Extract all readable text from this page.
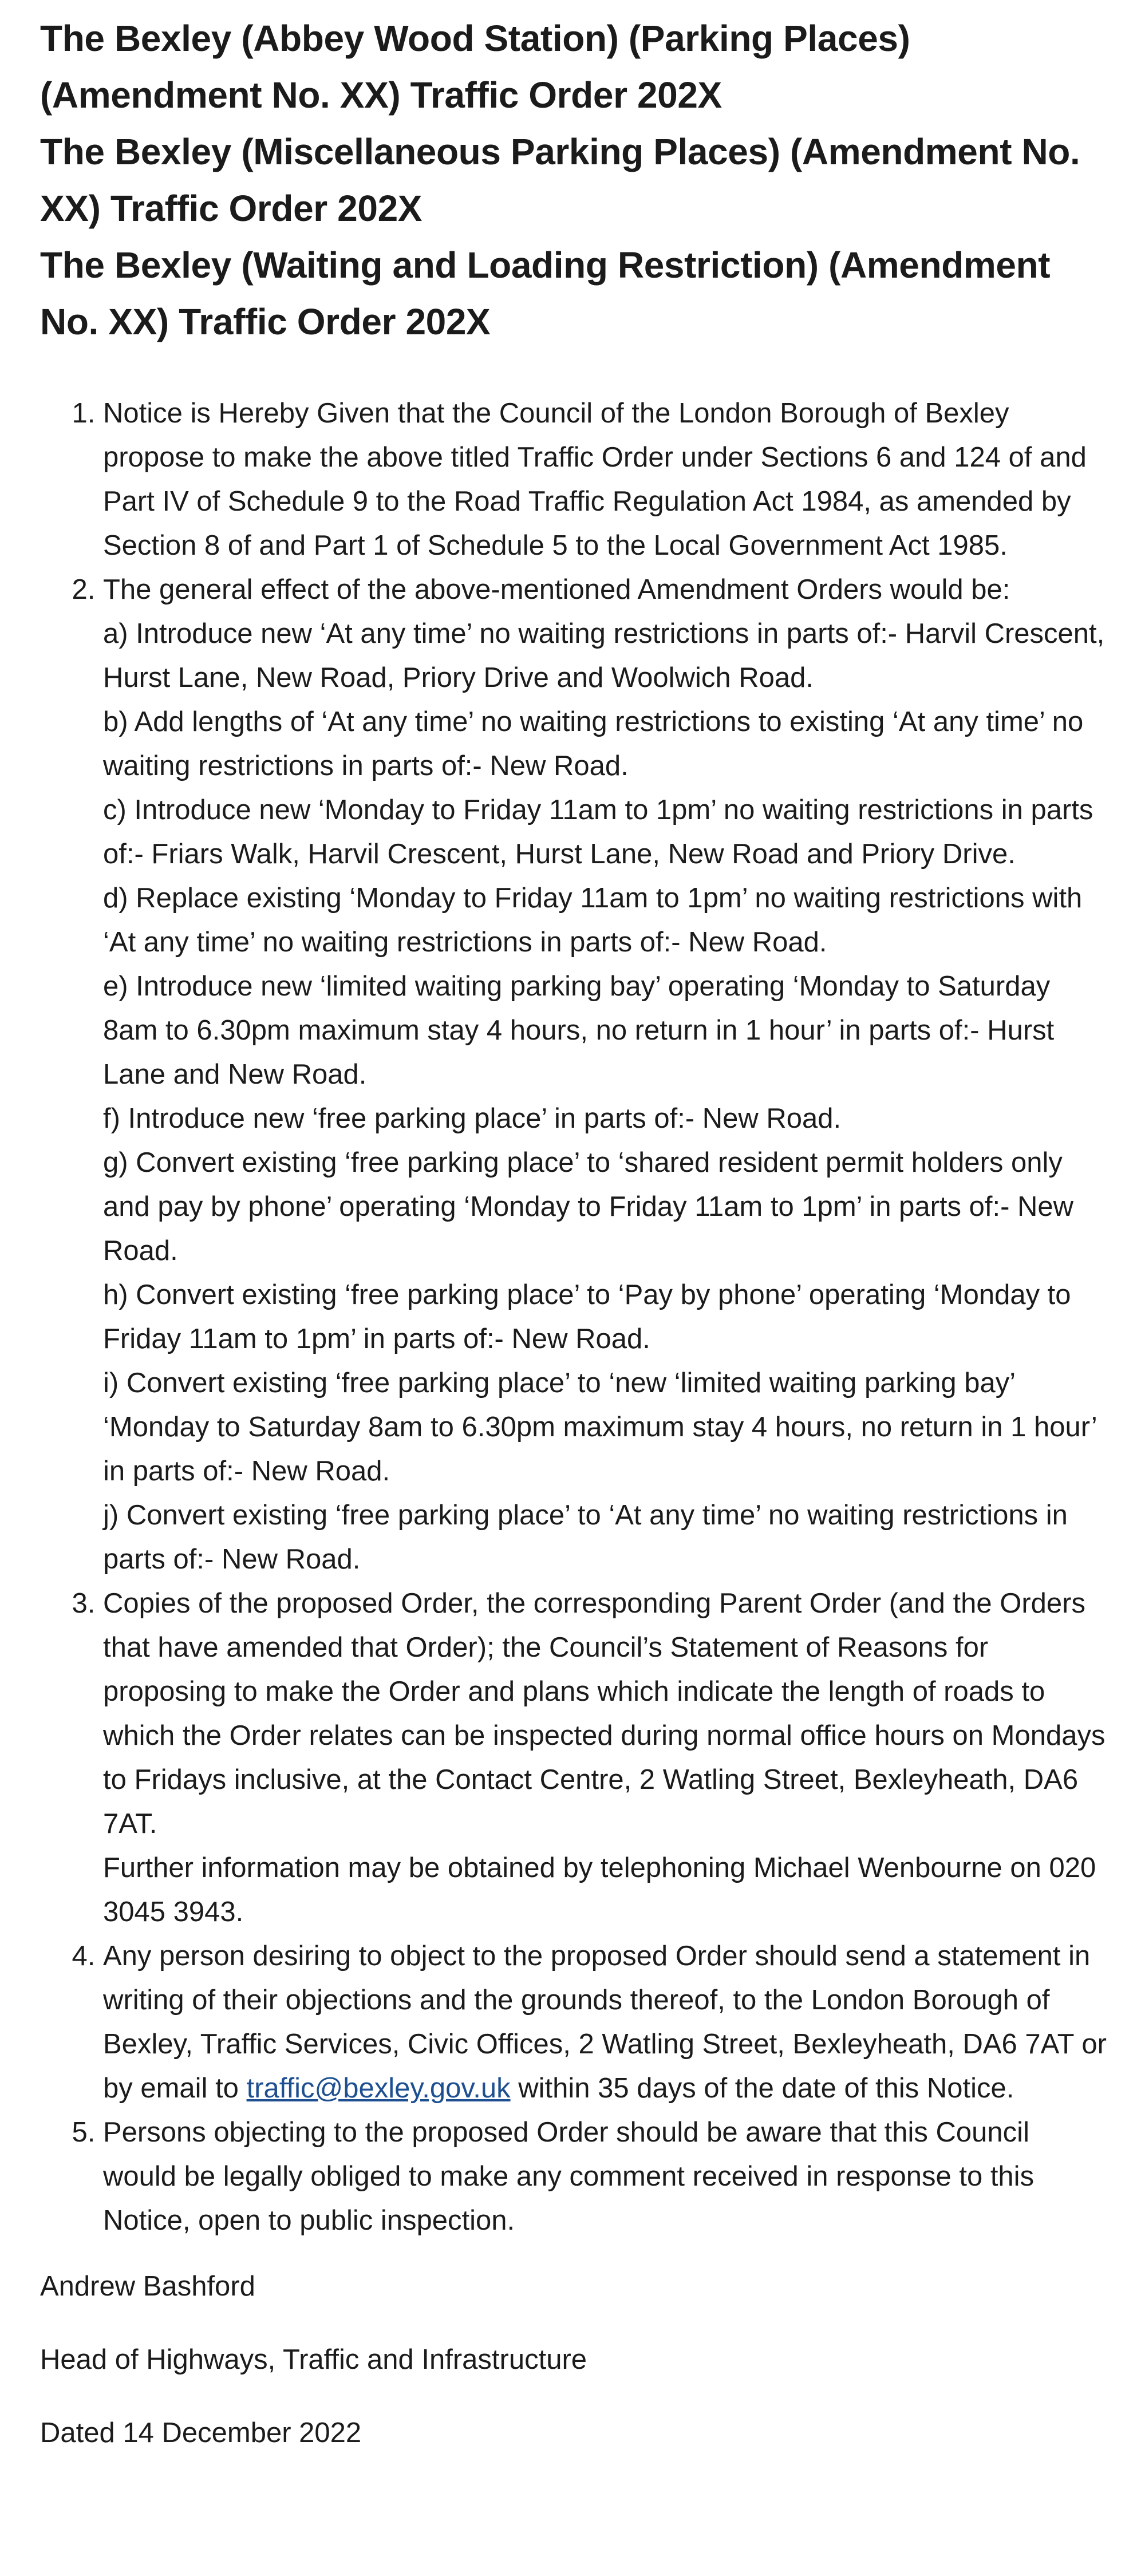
The Bexley (Abbey Wood Station) (Parking Places) (Amendment No. XX) Traffic Order 202X
The Bexley (Miscellaneous Parking Places) (Amendment No. XX) Traffic Order 202X
The Bexley (Waiting and Loading Restriction) (Amendment No. XX) Traffic Order 202X
1. Notice is Hereby Given that the Council of the London Borough of Bexley propose to make the above titled Traffic Order under Sections 6 and 124 of and Part IV of Schedule 9 to the Road Traffic Regulation Act 1984, as amended by Section 8 of and Part 1 of Schedule 5 to the Local Government Act 1985.
2. The general effect of the above-mentioned Amendment Orders would be:
a) Introduce new ‘At any time’ no waiting restrictions in parts of:- Harvil Crescent, Hurst Lane, New Road, Priory Drive and Woolwich Road.
b) Add lengths of ‘At any time’ no waiting restrictions to existing ‘At any time’ no waiting restrictions in parts of:- New Road.
c) Introduce new ‘Monday to Friday 11am to 1pm’ no waiting restrictions in parts of:- Friars Walk, Harvil Crescent, Hurst Lane, New Road and Priory Drive.
d) Replace existing ‘Monday to Friday 11am to 1pm’ no waiting restrictions with ‘At any time’ no waiting restrictions in parts of:- New Road.
e) Introduce new ‘limited waiting parking bay’ operating ‘Monday to Saturday 8am to 6.30pm maximum stay 4 hours, no return in 1 hour’ in parts of:- Hurst Lane and New Road.
f) Introduce new ‘free parking place’ in parts of:- New Road.
g) Convert existing ‘free parking place’ to ‘shared resident permit holders only and pay by phone’ operating ‘Monday to Friday 11am to 1pm’ in parts of:- New Road.
h) Convert existing ‘free parking place’ to ‘Pay by phone’ operating ‘Monday to Friday 11am to 1pm’ in parts of:- New Road.
i) Convert existing ‘free parking place’ to ‘new ‘limited waiting parking bay’ ‘Monday to Saturday 8am to 6.30pm maximum stay 4 hours, no return in 1 hour’ in parts of:- New Road.
j) Convert existing ‘free parking place’ to ‘At any time’ no waiting restrictions in parts of:- New Road.
3. Copies of the proposed Order, the corresponding Parent Order (and the Orders that have amended that Order); the Council’s Statement of Reasons for proposing to make the Order and plans which indicate the length of roads to which the Order relates can be inspected during normal office hours on Mondays to Fridays inclusive, at the Contact Centre, 2 Watling Street, Bexleyheath, DA6 7AT.
Further information may be obtained by telephoning Michael Wenbourne on 020 3045 3943.
4. Any person desiring to object to the proposed Order should send a statement in writing of their objections and the grounds thereof, to the London Borough of Bexley, Traffic Services, Civic Offices, 2 Watling Street, Bexleyheath, DA6 7AT or by email to traffic@bexley.gov.uk within 35 days of the date of this Notice.
5. Persons objecting to the proposed Order should be aware that this Council would be legally obliged to make any comment received in response to this Notice, open to public inspection.

Andrew Bashford

Head of Highways, Traffic and Infrastructure

Dated 14 December 2022
